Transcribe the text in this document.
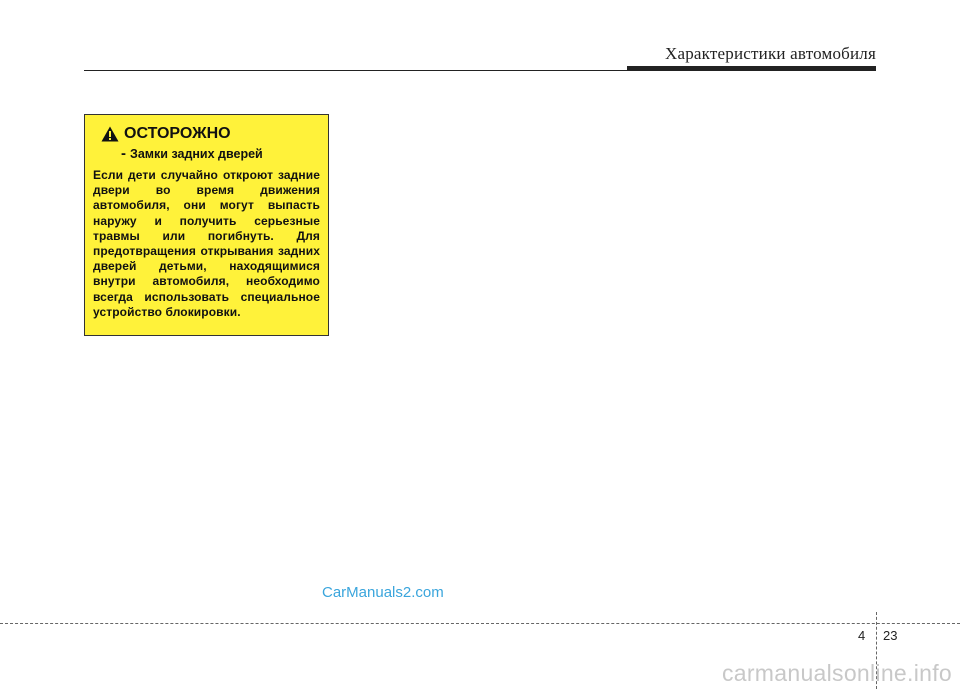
Характеристики автомобиля
ОСТОРОЖНО
- Замки задних дверей
Если дети случайно откроют задние двери во время движения автомобиля, они могут выпасть наружу и получить серьезные травмы или погибнуть. Для предотвращения открывания задних дверей детьми, находящимися внутри автомобиля, необходимо всегда использовать специальное устройство блокировки.
CarManuals2.com
4 23
carmanualsonline.info
